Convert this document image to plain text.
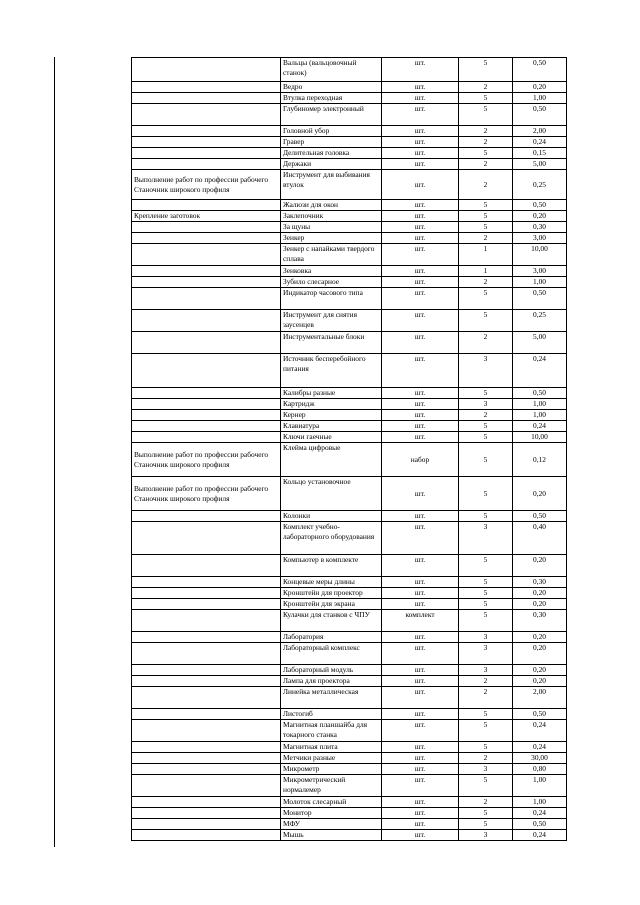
	Вальцы (вальцовочный станок)	шт.	5	0,50
	Ведро	шт.	2	0,20
	Втулка переходная	шт.	5	1,00
	Глубиномер электронный	шт.	5	0,50
	Головной убор	шт.	2	2,00
	Гравер	шт.	2	0,24
	Делительная головка	шт.	5	0,15
	Держаки	шт.	2	5,00
Выполнение работ по профессии рабочего Станочник широкого профиля	Инструмент для выбивания втулок	шт.	2	0,25
	Жалюзи для окон	шт.	5	0,50
Крепление заготовок	Заклепочник	шт.	5	0,20
	За щуны	шт.	5	0,30
	Зенкер	шт.	2	3,00
	Зенкер с напайками твердого сплава	шт.	1	10,00
	Зенковка	шт.	1	3,00
	Зубило слесарное	шт.	2	1,00
	Индикатор часового типа	шт.	5	0,50
	Инструмент для снятия заусенцев	шт.	5	0,25
	Инструментальные блоки	шт.	2	5,00
	Источник бесперебойного питания	шт.	3	0,24
	Калибры разные	шт.	5	0,50
	Картридж	шт.	3	1,00
	Кернер	шт.	2	1,00
	Клавиатура	шт.	5	0,24
	Ключи гаечные	шт.	5	10,00
Выполнение работ по профессии рабочего Станочник широкого профиля	Клейма цифровые	набор	5	0,12
Выполнение работ по профессии рабочего Станочник широкого профиля	Кольцо установочное	шт.	5	0,20
	Колонки	шт.	5	0,50
	Комплект учебно-лабораторного оборудования	шт.	3	0,40
	Компьютер в комплекте	шт.	5	0,20
	Концевые меры длины	шт.	5	0,30
	Кронштейн для проектор	шт.	5	0,20
	Кронштейн для экрана	шт.	5	0,20
	Кулачки для станков с ЧПУ	комплект	5	0,30
	Лаборатория	шт.	3	0,20
	Лабораторный комплекс	шт.	3	0,20
	Лабораторный модуль	шт.	3	0,20
	Лампа для проектора	шт.	2	0,20
	Линейка металлическая	шт.	2	2,00
	Листогиб	шт.	5	0,50
	Магнитная планшайба для токарного станка	шт.	5	0,24
	Магнитная плита	шт.	5	0,24
	Метчики разные	шт.	2	30,00
	Микрометр	шт.	3	0,80
	Микрометрический нормалемер	шт.	5	1,00
	Молоток слесарный	шт.	2	1,00
	Монитор	шт.	5	0,24
	МФУ	шт.	5	0,50
	Мышь	шт.	3	0,24
